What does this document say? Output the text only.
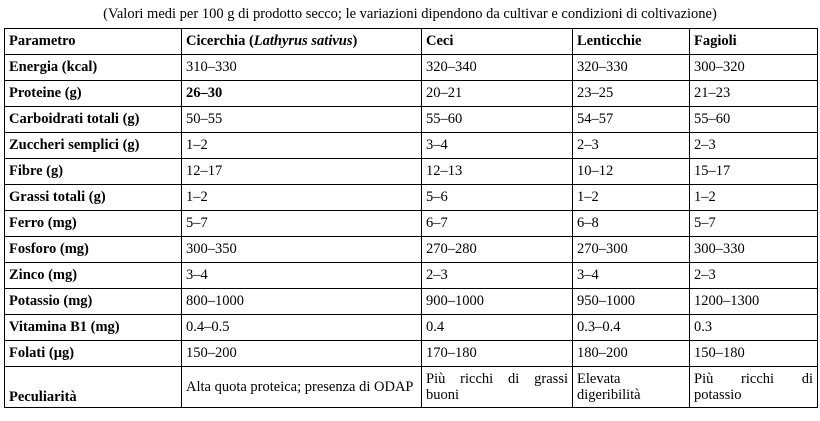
(Valori medi per 100 g di prodotto secco; le variazioni dipendono da cultivar e condizioni di coltivazione)
Parametro	Cicerchia (Lathyrus sativus)	Ceci	Lenticchie	Fagioli
Energia (kcal)	310–330	320–340	320–330	300–320
Proteine (g)	26–30	20–21	23–25	21–23
Carboidrati totali (g)	50–55	55–60	54–57	55–60
Zuccheri semplici (g)	1–2	3–4	2–3	2–3
Fibre (g)	12–17	12–13	10–12	15–17
Grassi totali (g)	1–2	5–6	1–2	1–2
Ferro (mg)	5–7	6–7	6–8	5–7
Fosforo (mg)	300–350	270–280	270–300	300–330
Zinco (mg)	3–4	2–3	3–4	2–3
Potassio (mg)	800–1000	900–1000	950–1000	1200–1300
Vitamina B1 (mg)	0.4–0.5	0.4	0.3–0.4	0.3
Folati (µg)	150–200	170–180	180–200	150–180
Peculiarità	Alta quota proteica; presenza di ODAP	Più ricchi di grassi buoni	Elevata digeribilità	Più ricchi di potassio
